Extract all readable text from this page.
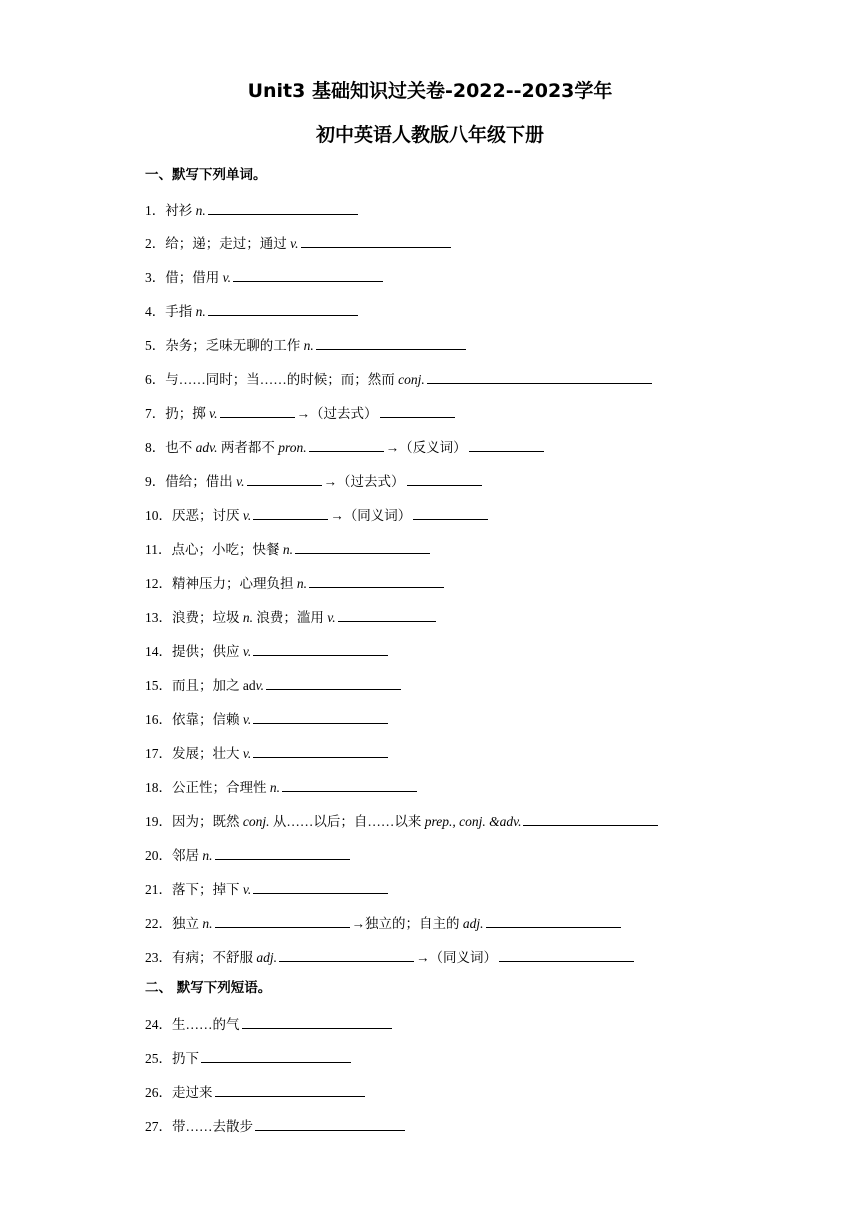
Unit3 基础知识过关卷-2022--2023学年
初中英语人教版八年级下册
一、默写下列单词。
1．衬衫 n.
2．给；递；走过；通过 v.
3．借；借用 v.
4．手指 n.
5．杂务；乏味无聊的工作 n.
6．与……同时；当……的时候；而；然而 conj.
7．扔；掷 v.	→（过去式）
8．也不 adv. 两者都不 pron.	→（反义词）
9．借给；借出 v.	→（过去式）
10．厌恶；讨厌 v.	→（同义词）
11．点心；小吃；快餐 n.
12．精神压力；心理负担 n.
13．浪费；垃圾 n. 浪费；滥用 v.
14．提供；供应 v.
15．而且；加之 adv.
16．依靠；信赖 v.
17．发展；壮大 v.
18．公正性；合理性 n.
19．因为；既然 conj. 从……以后；自……以来 prep., conj. &adv.
20．邻居 n.
21．落下；掉下 v.
22．独立 n.	→独立的；自主的 adj.
23．有病；不舒服 adj.	→（同义词）
二、 默写下列短语。
24．生……的气
25．扔下
26．走过来
27．带……去散步
